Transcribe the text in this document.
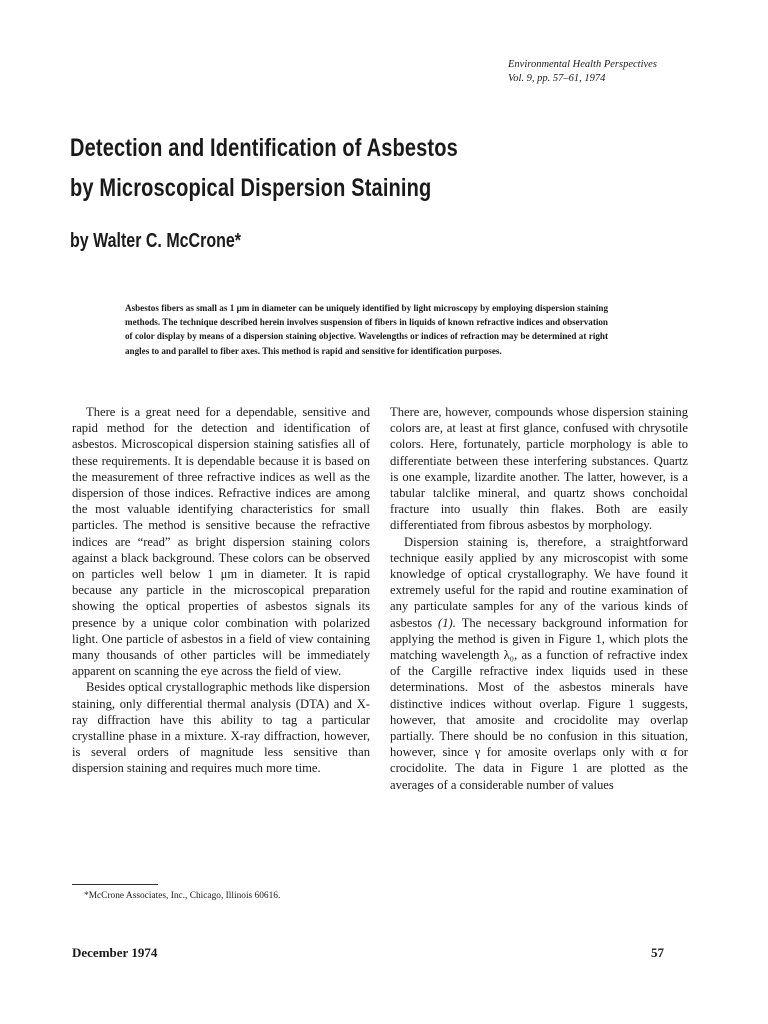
Environmental Health Perspectives
Vol. 9, pp. 57–61, 1974
Detection and Identification of Asbestos
by Microscopical Dispersion Staining
by Walter C. McCrone*

Asbestos fibers as small as 1 μm in diameter can be uniquely identified by light microscopy by employing dispersion staining methods. The technique described herein involves suspension of fibers in liquids of known refractive indices and observation of color display by means of a dispersion staining objective. Wavelengths or indices of refraction may be determined at right angles to and parallel to fiber axes. This method is rapid and sensitive for identification purposes.

There is a great need for a dependable, sensitive and rapid method for the detection and identification of asbestos. Microscopical dispersion staining satisfies all of these requirements. It is dependable because it is based on the measurement of three refractive indices as well as the dispersion of those indices. Refractive indices are among the most valuable identifying characteristics for small particles. The method is sensitive because the refractive indices are “read” as bright dispersion staining colors against a black background. These colors can be observed on particles well below 1 μm in diameter. It is rapid because any particle in the microscopical preparation showing the optical properties of asbestos signals its presence by a unique color combination with polarized light. One particle of asbestos in a field of view containing many thousands of other particles will be immediately apparent on scanning the eye across the field of view.

Besides optical crystallographic methods like dispersion staining, only differential thermal analysis (DTA) and X-ray diffraction have this ability to tag a particular crystalline phase in a mixture. X-ray diffraction, however, is several orders of magnitude less sensitive than dispersion staining and requires much more time.

There are, however, compounds whose dispersion staining colors are, at least at first glance, confused with chrysotile colors. Here, fortunately, particle morphology is able to differentiate between these interfering substances. Quartz is one example, lizardite another. The latter, however, is a tabular talclike mineral, and quartz shows conchoidal fracture into usually thin flakes. Both are easily differentiated from fibrous asbestos by morphology.

Dispersion staining is, therefore, a straightforward technique easily applied by any microscopist with some knowledge of optical crystallography. We have found it extremely useful for the rapid and routine examination of any particulate samples for any of the various kinds of asbestos (1). The necessary background information for applying the method is given in Figure 1, which plots the matching wavelength λ₀, as a function of refractive index of the Cargille refractive index liquids used in these determinations. Most of the asbestos minerals have distinctive indices without overlap. Figure 1 suggests, however, that amosite and crocidolite may overlap partially. There should be no confusion in this situation, however, since γ for amosite overlaps only with α for crocidolite. The data in Figure 1 are plotted as the averages of a considerable number of values

*McCrone Associates, Inc., Chicago, Illinois 60616.
December 1974	57
